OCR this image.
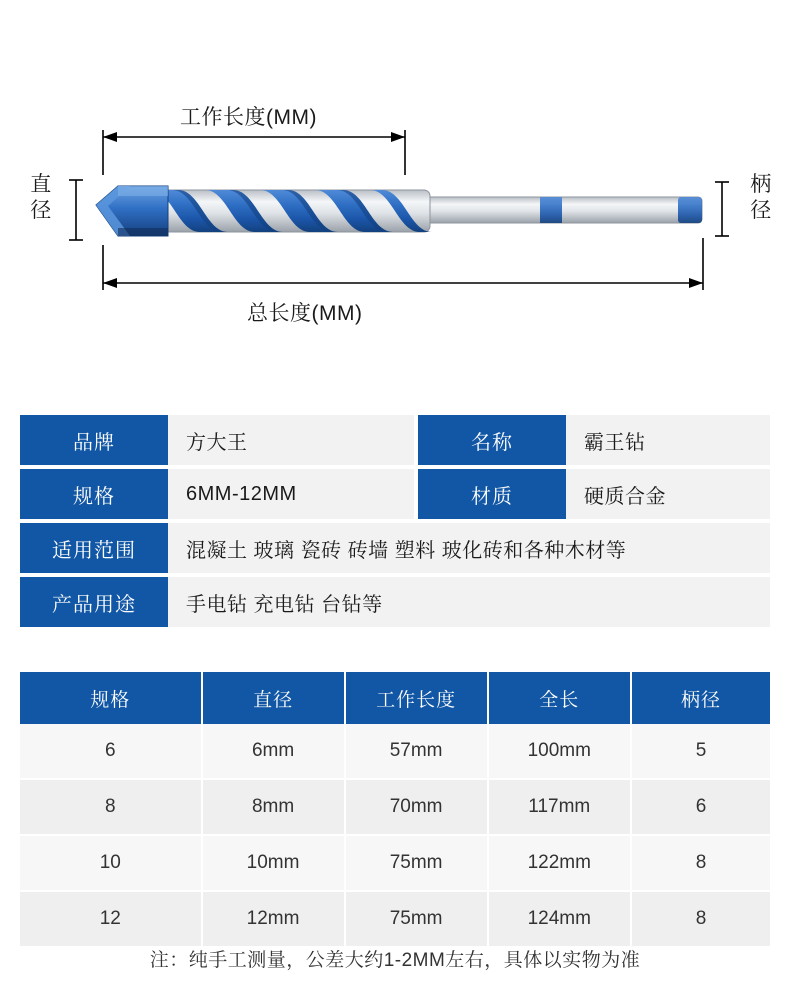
工作长度(MM)
总长度(MM)
直
径
柄
径
品牌	方大王	名称	霸王钻
规格	6MM-12MM	材质	硬质合金
适用范围	混凝土 玻璃 瓷砖 砖墙 塑料 玻化砖和各种木材等
产品用途	手电钻 充电钻 台钻等
规格	直径	工作长度	全长	柄径
6	6mm	57mm	100mm	5
8	8mm	70mm	117mm	6
10	10mm	75mm	122mm	8
12	12mm	75mm	124mm	8
注：纯手工测量，公差大约1-2MM左右，具体以实物为准
